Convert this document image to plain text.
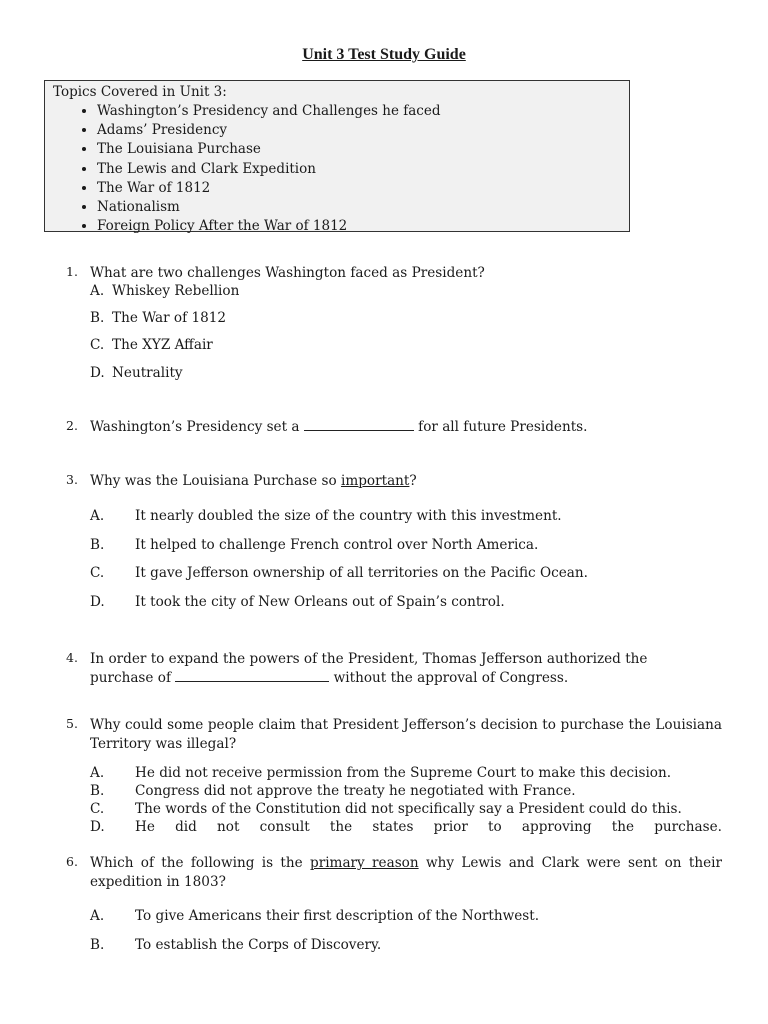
Unit 3 Test Study Guide
Topics Covered in Unit 3:
• Washington’s Presidency and Challenges he faced
• Adams’ Presidency
• The Louisiana Purchase
• The Lewis and Clark Expedition
• The War of 1812
• Nationalism
• Foreign Policy After the War of 1812
1. What are two challenges Washington faced as President?
A. Whiskey Rebellion
B. The War of 1812
C. The XYZ Affair
D. Neutrality
2. Washington’s Presidency set a	for all future Presidents.
3. Why was the Louisiana Purchase so important?
A. It nearly doubled the size of the country with this investment.
B. It helped to challenge French control over North America.
C. It gave Jefferson ownership of all territories on the Pacific Ocean.
D. It took the city of New Orleans out of Spain’s control.
4. In order to expand the powers of the President, Thomas Jefferson authorized the
purchase of	without the approval of Congress.
5. Why could some people claim that President Jefferson’s decision to purchase the Louisiana Territory was illegal?
A. He did not receive permission from the Supreme Court to make this decision.
B. Congress did not approve the treaty he negotiated with France.
C. The words of the Constitution did not specifically say a President could do this.
D. He did not consult the states prior to approving the purchase.
6. Which of the following is the primary reason why Lewis and Clark were sent on their expedition in 1803?
A. To give Americans their first description of the Northwest.
B. To establish the Corps of Discovery.
